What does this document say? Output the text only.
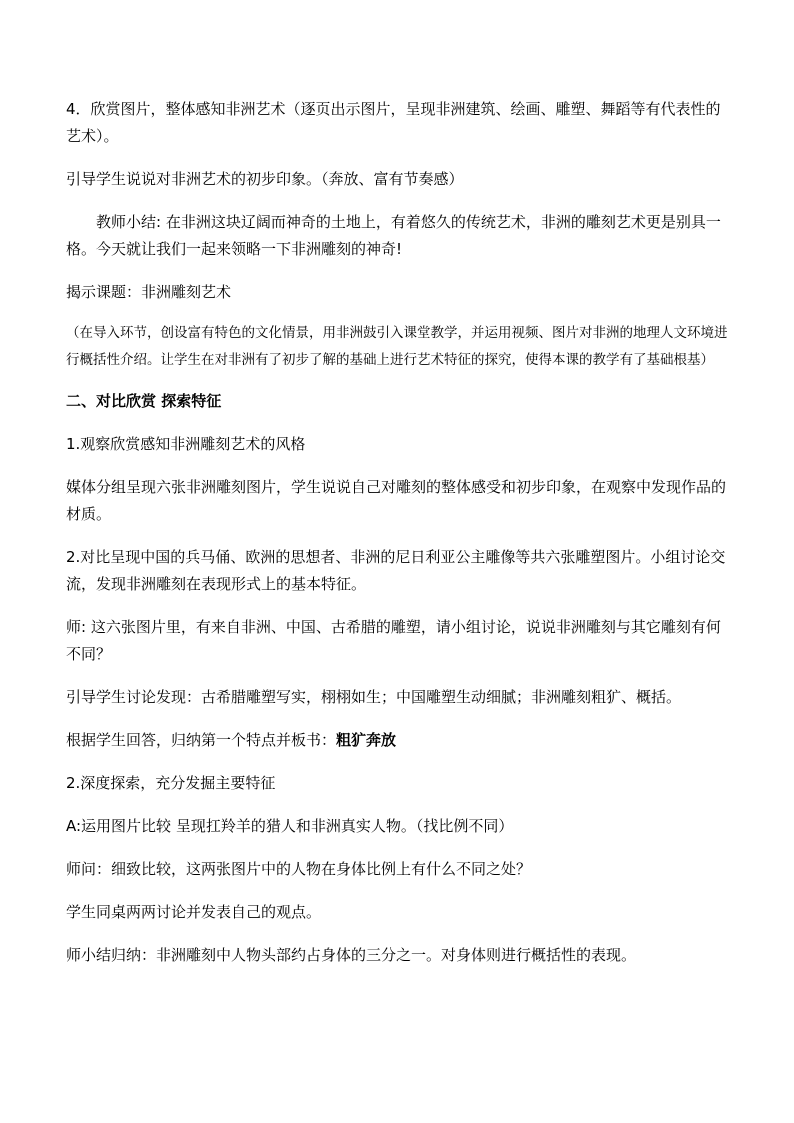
4．欣赏图片，整体感知非洲艺术（逐页出示图片，呈现非洲建筑、绘画、雕塑、舞蹈等有代表性的艺术）。

引导学生说说对非洲艺术的初步印象。（奔放、富有节奏感）

教师小结: 在非洲这块辽阔而神奇的土地上，有着悠久的传统艺术，非洲的雕刻艺术更是别具一格。今天就让我们一起来领略一下非洲雕刻的神奇!

揭示课题：非洲雕刻艺术

（在导入环节，创设富有特色的文化情景，用非洲鼓引入课堂教学，并运用视频、图片对非洲的地理人文环境进行概括性介绍。让学生在对非洲有了初步了解的基础上进行艺术特征的探究，使得本课的教学有了基础根基）

二、对比欣赏 探索特征

1.观察欣赏感知非洲雕刻艺术的风格

媒体分组呈现六张非洲雕刻图片，学生说说自己对雕刻的整体感受和初步印象，在观察中发现作品的材质。

2.对比呈现中国的兵马俑、欧洲的思想者、非洲的尼日利亚公主雕像等共六张雕塑图片。小组讨论交流，发现非洲雕刻在表现形式上的基本特征。

师: 这六张图片里，有来自非洲、中国、古希腊的雕塑，请小组讨论，说说非洲雕刻与其它雕刻有何不同？

引导学生讨论发现：古希腊雕塑写实，栩栩如生；中国雕塑生动细腻；非洲雕刻粗犷、概括。

根据学生回答，归纳第一个特点并板书：粗犷奔放

2.深度探索，充分发掘主要特征

A:运用图片比较 呈现扛羚羊的猎人和非洲真实人物。（找比例不同）

师问：细致比较，这两张图片中的人物在身体比例上有什么不同之处？

学生同桌两两讨论并发表自己的观点。

师小结归纳：非洲雕刻中人物头部约占身体的三分之一。对身体则进行概括性的表现。
